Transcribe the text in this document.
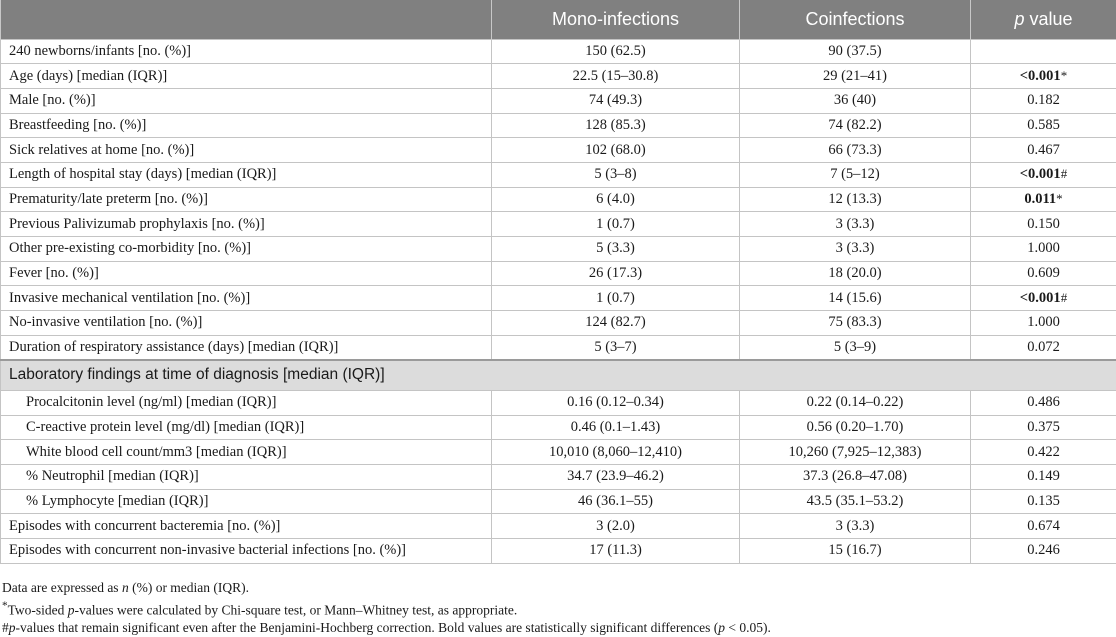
	Mono-infections	Coinfections	p value
240 newborns/infants [no. (%)]	150 (62.5)	90 (37.5)	
Age (days) [median (IQR)]	22.5 (15–30.8)	29 (21–41)	<0.001*
Male [no. (%)]	74 (49.3)	36 (40)	0.182
Breastfeeding [no. (%)]	128 (85.3)	74 (82.2)	0.585
Sick relatives at home [no. (%)]	102 (68.0)	66 (73.3)	0.467
Length of hospital stay (days) [median (IQR)]	5 (3–8)	7 (5–12)	<0.001#
Prematurity/late preterm [no. (%)]	6 (4.0)	12 (13.3)	0.011*
Previous Palivizumab prophylaxis [no. (%)]	1 (0.7)	3 (3.3)	0.150
Other pre-existing co-morbidity [no. (%)]	5 (3.3)	3 (3.3)	1.000
Fever [no. (%)]	26 (17.3)	18 (20.0)	0.609
Invasive mechanical ventilation [no. (%)]	1 (0.7)	14 (15.6)	<0.001#
No-invasive ventilation [no. (%)]	124 (82.7)	75 (83.3)	1.000
Duration of respiratory assistance (days) [median (IQR)]	5 (3–7)	5 (3–9)	0.072
Laboratory findings at time of diagnosis [median (IQR)]			
Procalcitonin level (ng/ml) [median (IQR)]	0.16 (0.12–0.34)	0.22 (0.14–0.22)	0.486
C-reactive protein level (mg/dl) [median (IQR)]	0.46 (0.1–1.43)	0.56 (0.20–1.70)	0.375
White blood cell count/mm3 [median (IQR)]	10,010 (8,060–12,410)	10,260 (7,925–12,383)	0.422
% Neutrophil [median (IQR)]	34.7 (23.9–46.2)	37.3 (26.8–47.08)	0.149
% Lymphocyte [median (IQR)]	46 (36.1–55)	43.5 (35.1–53.2)	0.135
Episodes with concurrent bacteremia [no. (%)]	3 (2.0)	3 (3.3)	0.674
Episodes with concurrent non-invasive bacterial infections [no. (%)]	17 (11.3)	15 (16.7)	0.246
Data are expressed as n (%) or median (IQR).
*Two-sided p-values were calculated by Chi-square test, or Mann–Whitney test, as appropriate.
#p-values that remain significant even after the Benjamini-Hochberg correction. Bold values are statistically significant differences (p < 0.05).
